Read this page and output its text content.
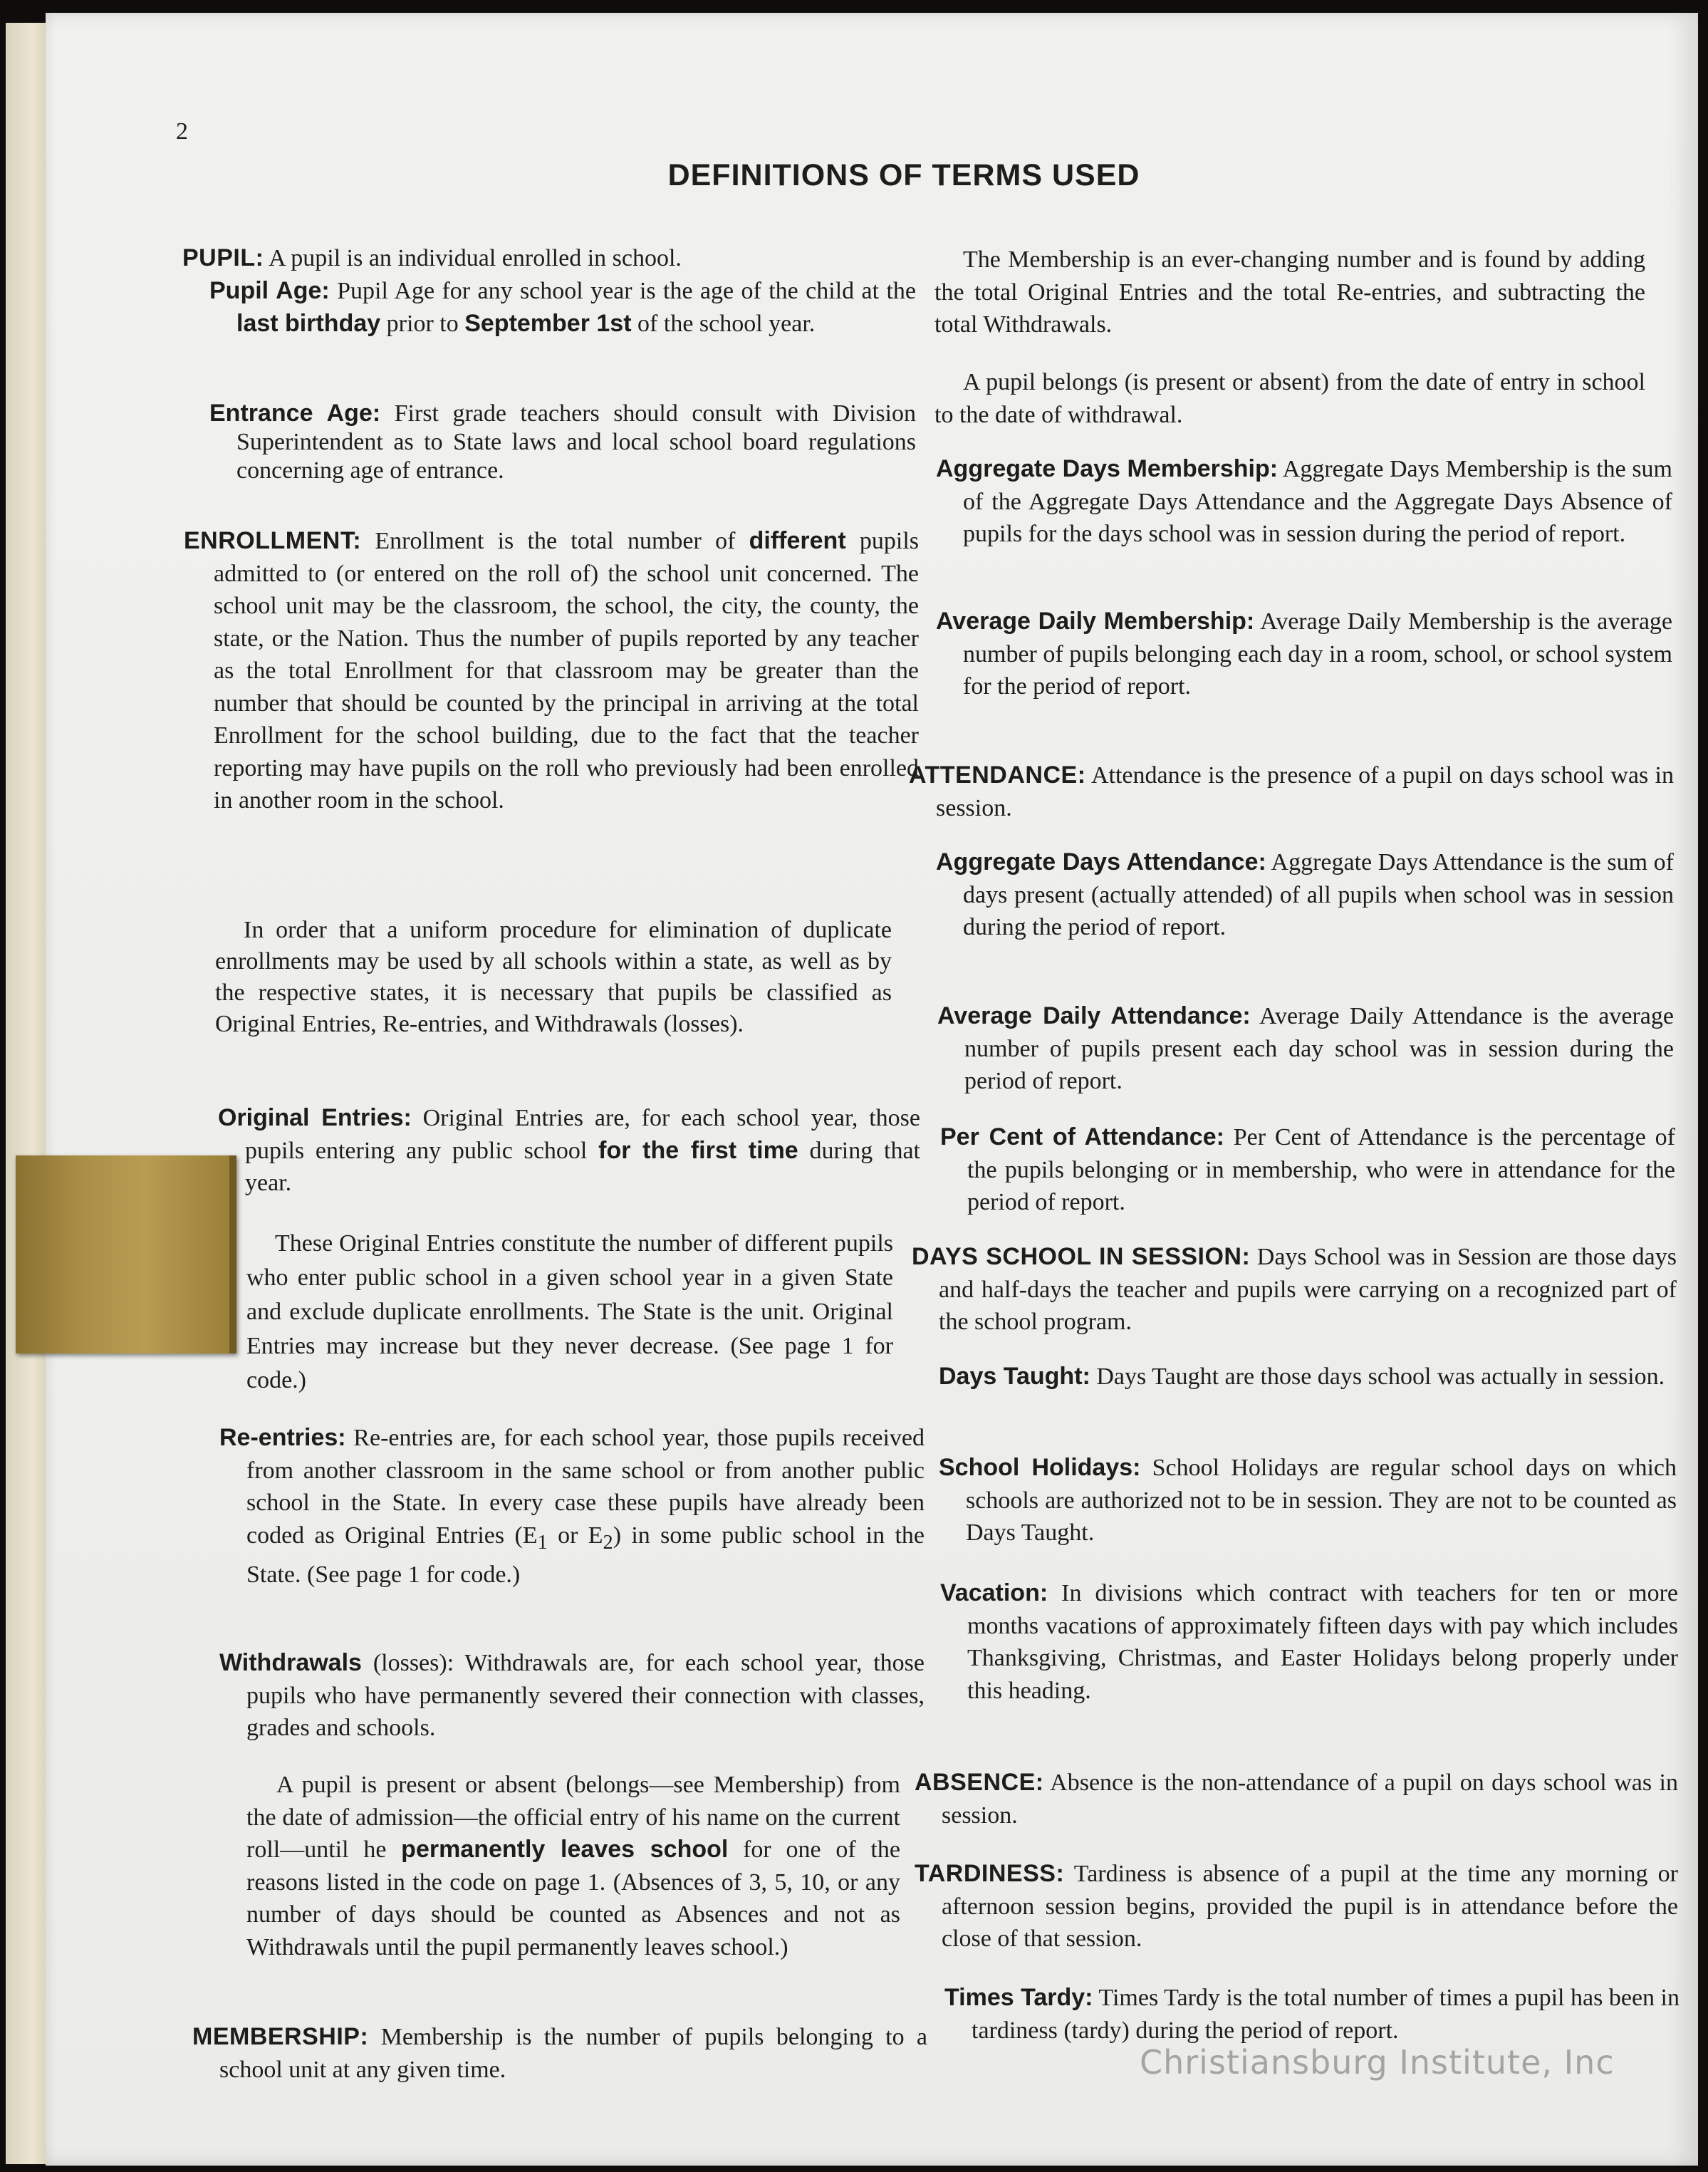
2
DEFINITIONS OF TERMS USED

PUPIL: A pupil is an individual enrolled in school.

Pupil Age: Pupil Age for any school year is the age of the child at the last birthday prior to September 1st of the school year.

Entrance Age: First grade teachers should consult with Division Superintendent as to State laws and local school board regulations concerning age of entrance.

ENROLLMENT: Enrollment is the total number of different pupils admitted to (or entered on the roll of) the school unit concerned. The school unit may be the classroom, the school, the city, the county, the state, or the Nation. Thus the number of pupils reported by any teacher as the total Enrollment for that classroom may be greater than the number that should be counted by the principal in arriving at the total Enrollment for the school building, due to the fact that the teacher reporting may have pupils on the roll who previously had been enrolled in another room in the school.

In order that a uniform procedure for elimination of duplicate enrollments may be used by all schools within a state, as well as by the respective states, it is necessary that pupils be classified as Original Entries, Re-entries, and Withdrawals (losses).

Original Entries: Original Entries are, for each school year, those pupils entering any public school for the first time during that year.

These Original Entries constitute the number of different pupils who enter public school in a given school year in a given State and exclude duplicate enrollments. The State is the unit. Original Entries may increase but they never decrease. (See page 1 for code.)

Re-entries: Re-entries are, for each school year, those pupils received from another classroom in the same school or from another public school in the State. In every case these pupils have already been coded as Original Entries ($E_1$ or $E_2$) in some public school in the State. (See page 1 for code.)

Withdrawals (losses): Withdrawals are, for each school year, those pupils who have permanently severed their connection with classes, grades and schools.

A pupil is present or absent (belongs—see Membership) from the date of admission—the official entry of his name on the current roll—until he permanently leaves school for one of the reasons listed in the code on page 1. (Absences of 3, 5, 10, or any number of days should be counted as Absences and not as Withdrawals until the pupil permanently leaves school.)

MEMBERSHIP: Membership is the number of pupils belonging to a school unit at any given time.

The Membership is an ever-changing number and is found by adding the total Original Entries and the total Re-entries, and subtracting the total Withdrawals.

A pupil belongs (is present or absent) from the date of entry in school to the date of withdrawal.

Aggregate Days Membership: Aggregate Days Membership is the sum of the Aggregate Days Attendance and the Aggregate Days Absence of pupils for the days school was in session during the period of report.

Average Daily Membership: Average Daily Membership is the average number of pupils belonging each day in a room, school, or school system for the period of report.

ATTENDANCE: Attendance is the presence of a pupil on days school was in session.

Aggregate Days Attendance: Aggregate Days Attendance is the sum of days present (actually attended) of all pupils when school was in session during the period of report.

Average Daily Attendance: Average Daily Attendance is the average number of pupils present each day school was in session during the period of report.

Per Cent of Attendance: Per Cent of Attendance is the percentage of the pupils belonging or in membership, who were in attendance for the period of report.

DAYS SCHOOL IN SESSION: Days School was in Session are those days and half-days the teacher and pupils were carrying on a recognized part of the school program.

Days Taught: Days Taught are those days school was actually in session.

School Holidays: School Holidays are regular school days on which schools are authorized not to be in session. They are not to be counted as Days Taught.

Vacation: In divisions which contract with teachers for ten or more months vacations of approximately fifteen days with pay which includes Thanksgiving, Christmas, and Easter Holidays belong properly under this heading.

ABSENCE: Absence is the non-attendance of a pupil on days school was in session.

TARDINESS: Tardiness is absence of a pupil at the time any morning or afternoon session begins, provided the pupil is in attendance before the close of that session.

Times Tardy: Times Tardy is the total number of times a pupil has been in tardiness (tardy) during the period of report.

Christiansburg Institute, Inc
